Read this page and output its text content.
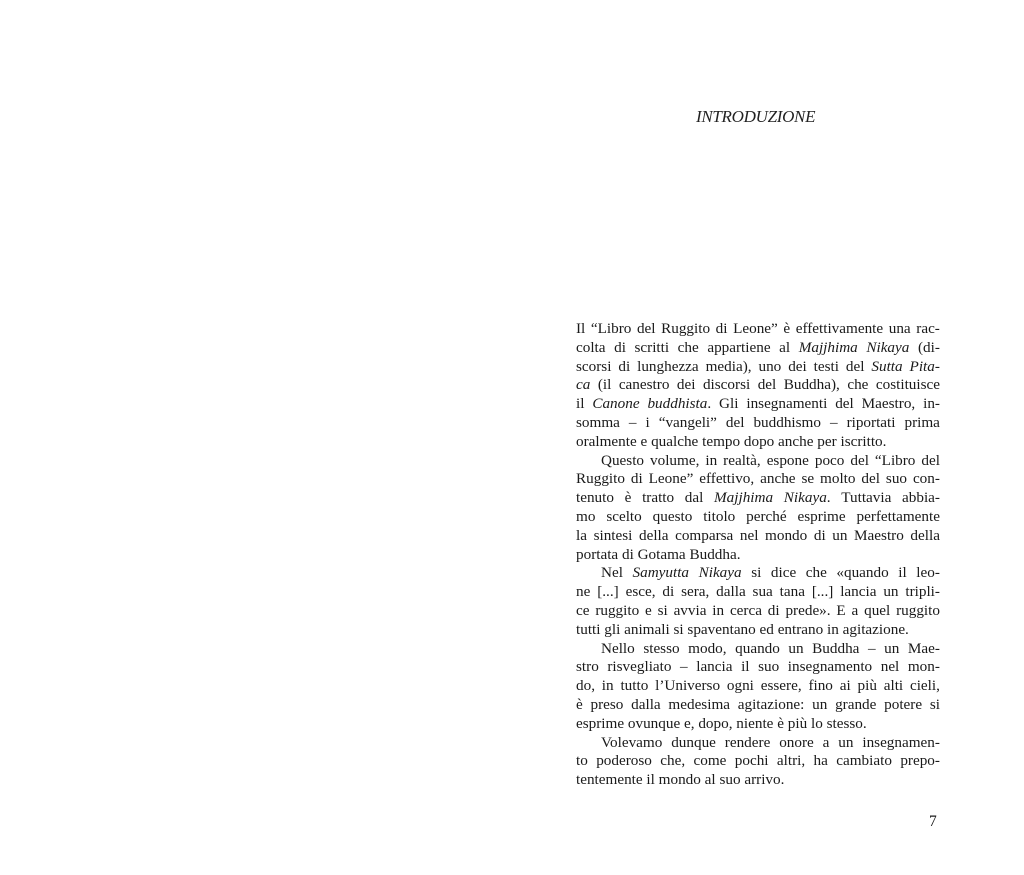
INTRODUZIONE
Il “Libro del Ruggito di Leone” è effettivamente una rac-
colta di scritti che appartiene al Majjhima Nikaya (di-
scorsi di lunghezza media), uno dei testi del Sutta Pita-
ca (il canestro dei discorsi del Buddha), che costituisce
il Canone buddhista. Gli insegnamenti del Maestro, in-
somma – i “vangeli” del buddhismo – riportati prima
oralmente e qualche tempo dopo anche per iscritto.
Questo volume, in realtà, espone poco del “Libro del
Ruggito di Leone” effettivo, anche se molto del suo con-
tenuto è tratto dal Majjhima Nikaya. Tuttavia abbia-
mo scelto questo titolo perché esprime perfettamente
la sintesi della comparsa nel mondo di un Maestro della
portata di Gotama Buddha.
Nel Samyutta Nikaya si dice che «quando il leo-
ne [...] esce, di sera, dalla sua tana [...] lancia un tripli-
ce ruggito e si avvia in cerca di prede». E a quel ruggito
tutti gli animali si spaventano ed entrano in agitazione.
Nello stesso modo, quando un Buddha – un Mae-
stro risvegliato – lancia il suo insegnamento nel mon-
do, in tutto l’Universo ogni essere, fino ai più alti cieli,
è preso dalla medesima agitazione: un grande potere si
esprime ovunque e, dopo, niente è più lo stesso.
Volevamo dunque rendere onore a un insegnamen-
to poderoso che, come pochi altri, ha cambiato prepo-
tentemente il mondo al suo arrivo.
7
